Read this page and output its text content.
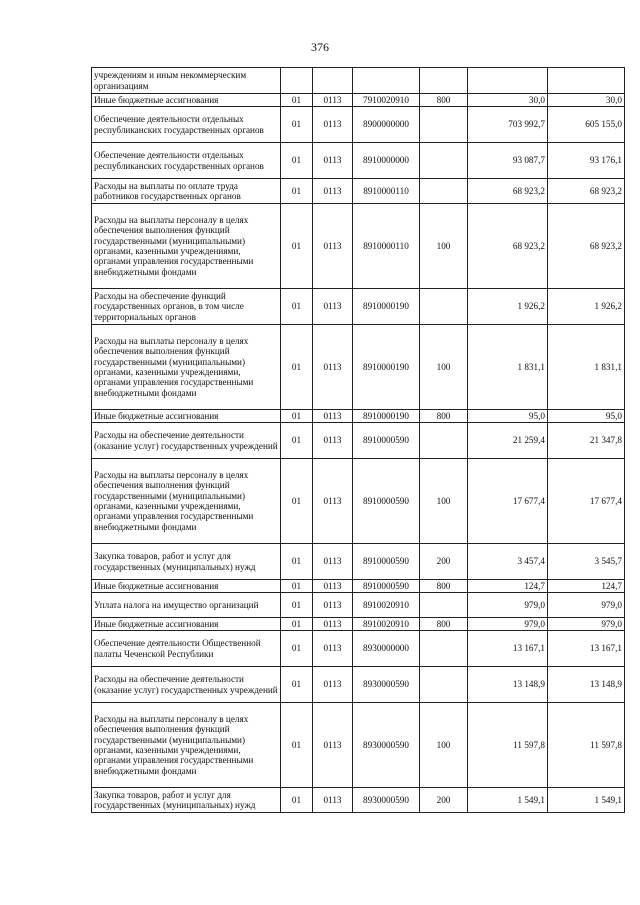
376
учреждениям и иным некоммерческим организациям						
Иные бюджетные ассигнования	01	0113	7910020910	800	30,0	30,0
Обеспечение деятельности отдельных республиканских государственных органов	01	0113	8900000000		703 992,7	605 155,0
Обеспечение деятельности отдельных республиканских государственных органов	01	0113	8910000000		93 087,7	93 176,1
Расходы на выплаты по оплате труда работников государственных органов	01	0113	8910000110		68 923,2	68 923,2
Расходы на выплаты персоналу в целях обеспечения выполнения функций государственными (муниципальными) органами, казенными учреждениями, органами управления государственными внебюджетными фондами	01	0113	8910000110	100	68 923,2	68 923,2
Расходы на обеспечение функций государственных органов, в том числе территориальных органов	01	0113	8910000190		1 926,2	1 926,2
Расходы на выплаты персоналу в целях обеспечения выполнения функций государственными (муниципальными) органами, казенными учреждениями, органами управления государственными внебюджетными фондами	01	0113	8910000190	100	1 831,1	1 831,1
Иные бюджетные ассигнования	01	0113	8910000190	800	95,0	95,0
Расходы на обеспечение деятельности (оказание услуг) государственных учреждений	01	0113	8910000590		21 259,4	21 347,8
Расходы на выплаты персоналу в целях обеспечения выполнения функций государственными (муниципальными) органами, казенными учреждениями, органами управления государственными внебюджетными фондами	01	0113	8910000590	100	17 677,4	17 677,4
Закупка товаров, работ и услуг для государственных (муниципальных) нужд	01	0113	8910000590	200	3 457,4	3 545,7
Иные бюджетные ассигнования	01	0113	8910000590	800	124,7	124,7
Уплата налога на имущество организаций	01	0113	8910020910		979,0	979,0
Иные бюджетные ассигнования	01	0113	8910020910	800	979,0	979,0
Обеспечение деятельности Общественной палаты Чеченской Республики	01	0113	8930000000		13 167,1	13 167,1
Расходы на обеспечение деятельности (оказание услуг) государственных учреждений	01	0113	8930000590		13 148,9	13 148,9
Расходы на выплаты персоналу в целях обеспечения выполнения функций государственными (муниципальными) органами, казенными учреждениями, органами управления государственными внебюджетными фондами	01	0113	8930000590	100	11 597,8	11 597,8
Закупка товаров, работ и услуг для государственных (муниципальных) нужд	01	0113	8930000590	200	1 549,1	1 549,1
